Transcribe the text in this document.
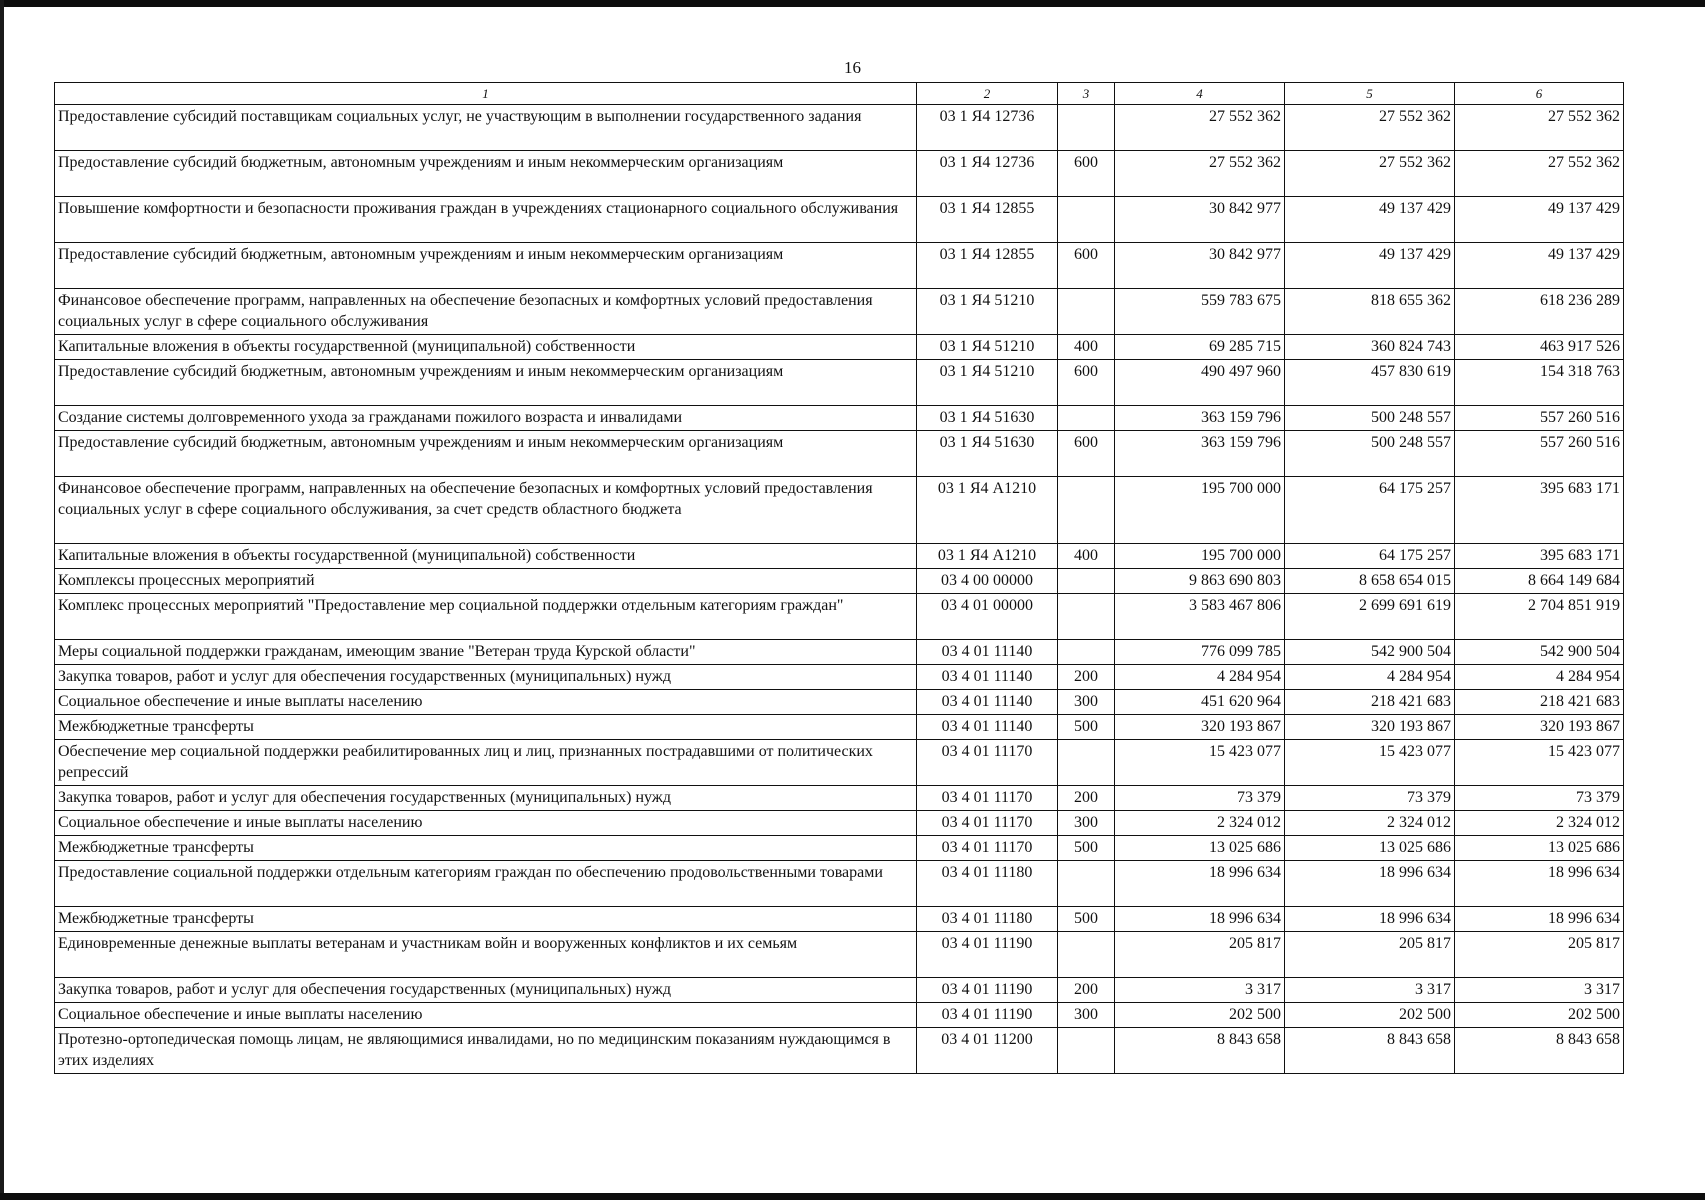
16
1	2	3	4	5	6
Предоставление субсидий поставщикам социальных услуг, не участвующим в выполнении государственного задания	03 1 Я4 12736		27 552 362	27 552 362	27 552 362
Предоставление субсидий бюджетным, автономным учреждениям и иным некоммерческим организациям	03 1 Я4 12736	600	27 552 362	27 552 362	27 552 362
Повышение комфортности и безопасности проживания граждан в учреждениях стационарного социального обслуживания	03 1 Я4 12855		30 842 977	49 137 429	49 137 429
Предоставление субсидий бюджетным, автономным учреждениям и иным некоммерческим организациям	03 1 Я4 12855	600	30 842 977	49 137 429	49 137 429
Финансовое обеспечение программ, направленных на обеспечение безопасных и комфортных условий предоставления социальных услуг в сфере социального обслуживания	03 1 Я4 51210		559 783 675	818 655 362	618 236 289
Капитальные вложения в объекты государственной (муниципальной) собственности	03 1 Я4 51210	400	69 285 715	360 824 743	463 917 526
Предоставление субсидий бюджетным, автономным учреждениям и иным некоммерческим организациям	03 1 Я4 51210	600	490 497 960	457 830 619	154 318 763
Создание системы долговременного ухода за гражданами пожилого возраста и инвалидами	03 1 Я4 51630		363 159 796	500 248 557	557 260 516
Предоставление субсидий бюджетным, автономным учреждениям и иным некоммерческим организациям	03 1 Я4 51630	600	363 159 796	500 248 557	557 260 516
Финансовое обеспечение программ, направленных на обеспечение безопасных и комфортных условий предоставления социальных услуг в сфере социального обслуживания, за счет средств областного бюджета	03 1 Я4 А1210		195 700 000	64 175 257	395 683 171
Капитальные вложения в объекты государственной (муниципальной) собственности	03 1 Я4 А1210	400	195 700 000	64 175 257	395 683 171
Комплексы процессных мероприятий	03 4 00 00000		9 863 690 803	8 658 654 015	8 664 149 684
Комплекс процессных мероприятий "Предоставление мер социальной поддержки отдельным категориям граждан"	03 4 01 00000		3 583 467 806	2 699 691 619	2 704 851 919
Меры социальной поддержки гражданам, имеющим звание "Ветеран труда Курской области"	03 4 01 11140		776 099 785	542 900 504	542 900 504
Закупка товаров, работ и услуг для обеспечения государственных (муниципальных) нужд	03 4 01 11140	200	4 284 954	4 284 954	4 284 954
Социальное обеспечение и иные выплаты населению	03 4 01 11140	300	451 620 964	218 421 683	218 421 683
Межбюджетные трансферты	03 4 01 11140	500	320 193 867	320 193 867	320 193 867
Обеспечение мер социальной поддержки реабилитированных лиц и лиц, признанных пострадавшими от политических репрессий	03 4 01 11170		15 423 077	15 423 077	15 423 077
Закупка товаров, работ и услуг для обеспечения государственных (муниципальных) нужд	03 4 01 11170	200	73 379	73 379	73 379
Социальное обеспечение и иные выплаты населению	03 4 01 11170	300	2 324 012	2 324 012	2 324 012
Межбюджетные трансферты	03 4 01 11170	500	13 025 686	13 025 686	13 025 686
Предоставление социальной поддержки отдельным категориям граждан по обеспечению продовольственными товарами	03 4 01 11180		18 996 634	18 996 634	18 996 634
Межбюджетные трансферты	03 4 01 11180	500	18 996 634	18 996 634	18 996 634
Единовременные денежные выплаты ветеранам и участникам войн и вооруженных конфликтов и их семьям	03 4 01 11190		205 817	205 817	205 817
Закупка товаров, работ и услуг для обеспечения государственных (муниципальных) нужд	03 4 01 11190	200	3 317	3 317	3 317
Социальное обеспечение и иные выплаты населению	03 4 01 11190	300	202 500	202 500	202 500
Протезно-ортопедическая помощь лицам, не являющимися инвалидами, но по медицинским показаниям нуждающимся в этих изделиях	03 4 01 11200		8 843 658	8 843 658	8 843 658
